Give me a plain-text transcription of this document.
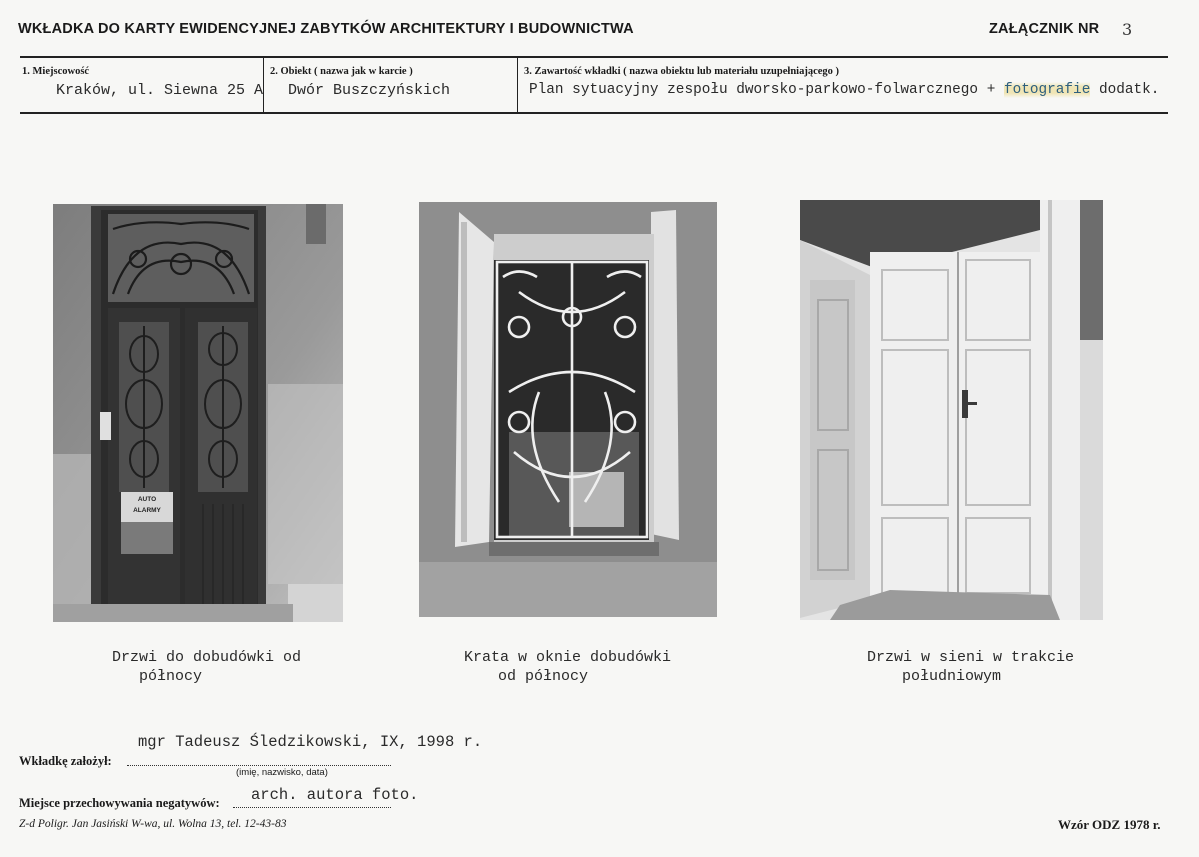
WKŁADKA DO KARTY EWIDENCYJNEJ ZABYTKÓW ARCHITEKTURY I BUDOWNICTWA	ZAŁĄCZNIK NR 3
1. Miejscowość
Kraków, ul. Siewna 25 A
2. Obiekt ( nazwa jak w karcie )
Dwór Buszczyńskich
3. Zawartość wkładki ( nazwa obiektu lub materiału uzupełniającego )
Plan sytuacyjny zespołu dworsko-parkowo-folwarcznego + fotografie dodatk.
AUTO
ALARMY
Drzwi do dobudówki od
północy
Krata w oknie dobudówki
od północy
Drzwi w sieni w trakcie
południowym
mgr Tadeusz Śledzikowski, IX, 1998 r.
Wkładkę założył:
(imię, nazwisko, data)
arch. autora foto.
Miejsce przechowywania negatywów:
Z-d Poligr. Jan Jasiński W-wa, ul. Wolna 13, tel. 12-43-83	Wzór ODZ 1978 r.
